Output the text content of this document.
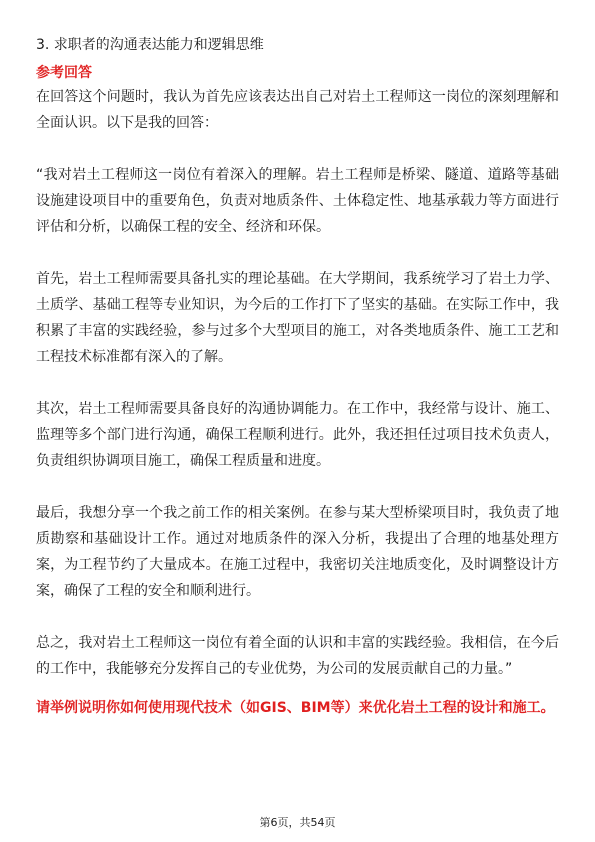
3. 求职者的沟通表达能力和逻辑思维

参考回答

在回答这个问题时，我认为首先应该表达出自己对岩土工程师这一岗位的深刻理解和全面认识。以下是我的回答：

“我对岩土工程师这一岗位有着深入的理解。岩土工程师是桥梁、隧道、道路等基础设施建设项目中的重要角色，负责对地质条件、土体稳定性、地基承载力等方面进行评估和分析，以确保工程的安全、经济和环保。

首先，岩土工程师需要具备扎实的理论基础。在大学期间，我系统学习了岩土力学、土质学、基础工程等专业知识，为今后的工作打下了坚实的基础。在实际工作中，我积累了丰富的实践经验，参与过多个大型项目的施工，对各类地质条件、施工工艺和工程技术标准都有深入的了解。

其次，岩土工程师需要具备良好的沟通协调能力。在工作中，我经常与设计、施工、监理等多个部门进行沟通，确保工程顺利进行。此外，我还担任过项目技术负责人，负责组织协调项目施工，确保工程质量和进度。

最后，我想分享一个我之前工作的相关案例。在参与某大型桥梁项目时，我负责了地质勘察和基础设计工作。通过对地质条件的深入分析，我提出了合理的地基处理方案，为工程节约了大量成本。在施工过程中，我密切关注地质变化，及时调整设计方案，确保了工程的安全和顺利进行。

总之，我对岩土工程师这一岗位有着全面的认识和丰富的实践经验。我相信，在今后的工作中，我能够充分发挥自己的专业优势，为公司的发展贡献自己的力量。”

请举例说明你如何使用现代技术（如GIS、BIM等）来优化岩土工程的设计和施工。

第6页，共54页
